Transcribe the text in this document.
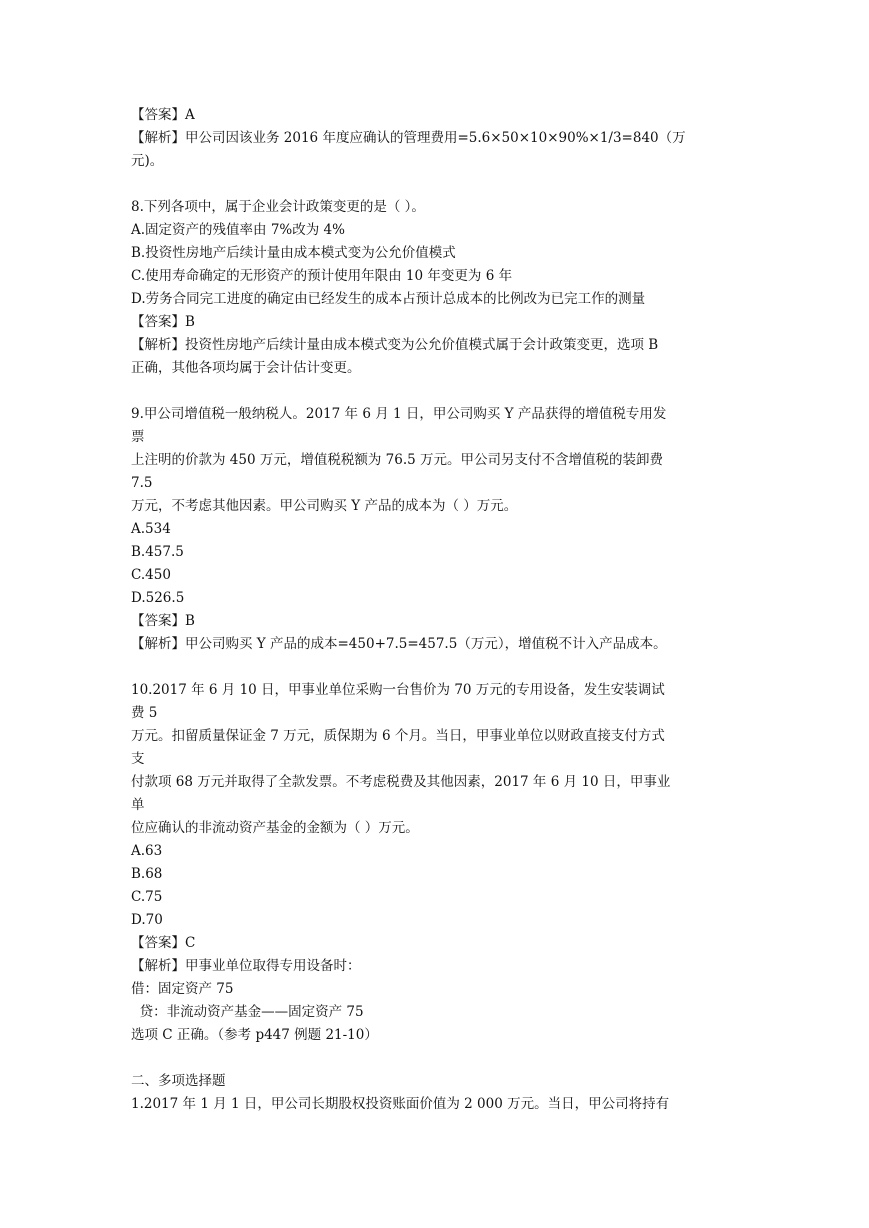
【答案】A
【解析】甲公司因该业务 2016 年度应确认的管理费用=5.6×50×10×90%×1/3=840（万
元)。
8.下列各项中，属于企业会计政策变更的是（ ）。
A.固定资产的残值率由 7%改为 4%
B.投资性房地产后续计量由成本模式变为公允价值模式
C.使用寿命确定的无形资产的预计使用年限由 10 年变更为 6 年
D.劳务合同完工进度的确定由已经发生的成本占预计总成本的比例改为已完工作的测量
【答案】B
【解析】投资性房地产后续计量由成本模式变为公允价值模式属于会计政策变更，选项 B
正确，其他各项均属于会计估计变更。
9.甲公司增值税一般纳税人。2017 年 6 月 1 日，甲公司购买 Y 产品获得的增值税专用发
票
上注明的价款为 450 万元，增值税税额为 76.5 万元。甲公司另支付不含增值税的装卸费
7.5
万元，不考虑其他因素。甲公司购买 Y 产品的成本为（ ）万元。
A.534
B.457.5
C.450
D.526.5
【答案】B
【解析】甲公司购买 Y 产品的成本=450+7.5=457.5（万元），增值税不计入产品成本。
10.2017 年 6 月 10 日，甲事业单位采购一台售价为 70 万元的专用设备，发生安装调试
费 5
万元。扣留质量保证金 7 万元，质保期为 6 个月。当日，甲事业单位以财政直接支付方式
支
付款项 68 万元并取得了全款发票。不考虑税费及其他因素，2017 年 6 月 10 日，甲事业
单
位应确认的非流动资产基金的金额为（ ）万元。
A.63
B.68
C.75
D.70
【答案】C
【解析】甲事业单位取得专用设备时：
借：固定资产 75
贷：非流动资产基金——固定资产 75
选项 C 正确。（参考 p447 例题 21-10）
二、多项选择题
1.2017 年 1 月 1 日，甲公司长期股权投资账面价值为 2 000 万元。当日，甲公司将持有
